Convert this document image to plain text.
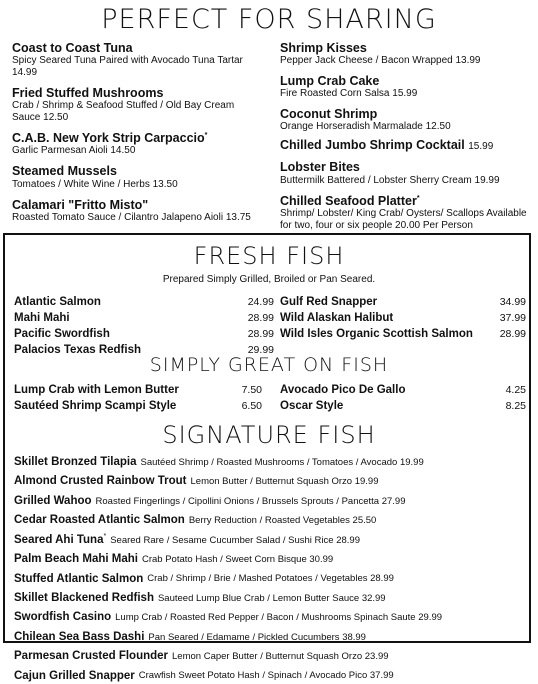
PERFECT FOR SHARING
Coast to Coast Tuna
Spicy Seared Tuna Paired with Avocado Tuna Tartar 14.99
Fried Stuffed Mushrooms
Crab / Shrimp & Seafood Stuffed / Old Bay Cream Sauce 12.50
C.A.B. New York Strip Carpaccio*
Garlic Parmesan Aioli 14.50
Steamed Mussels
Tomatoes / White Wine / Herbs 13.50
Calamari "Fritto Misto"
Roasted Tomato Sauce / Cilantro Jalapeno Aioli 13.75
Shrimp Kisses
Pepper Jack Cheese / Bacon Wrapped 13.99
Lump Crab Cake
Fire Roasted Corn Salsa 15.99
Coconut Shrimp
Orange Horseradish Marmalade 12.50
Chilled Jumbo Shrimp Cocktail 15.99
Lobster Bites
Buttermilk Battered / Lobster Sherry Cream 19.99
Chilled Seafood Platter*
Shrimp/ Lobster/ King Crab/ Oysters/ Scallops Available for two, four or six people 20.00 Per Person
FRESH FISH
Prepared Simply Grilled, Broiled or Pan Seared.
Atlantic Salmon	24.99
Mahi Mahi	28.99
Pacific Swordfish	28.99
Palacios Texas Redfish	29.99
Gulf Red Snapper	34.99
Wild Alaskan Halibut	37.99
Wild Isles Organic Scottish Salmon	28.99
SIMPLY GREAT ON FISH
Lump Crab with Lemon Butter	7.50
Sautéed Shrimp Scampi Style	6.50
Avocado Pico De Gallo	4.25
Oscar Style	8.25
SIGNATURE FISH
Skillet Bronzed Tilapia Sautéed Shrimp / Roasted Mushrooms / Tomatoes / Avocado 19.99
Almond Crusted Rainbow Trout Lemon Butter / Butternut Squash Orzo 19.99
Grilled Wahoo Roasted Fingerlings / Cipollini Onions / Brussels Sprouts / Pancetta 27.99
Cedar Roasted Atlantic Salmon Berry Reduction / Roasted Vegetables 25.50
Seared Ahi Tuna* Seared Rare / Sesame Cucumber Salad / Sushi Rice 28.99
Palm Beach Mahi Mahi Crab Potato Hash / Sweet Corn Bisque 30.99
Stuffed Atlantic Salmon Crab / Shrimp / Brie / Mashed Potatoes / Vegetables 28.99
Skillet Blackened Redfish Sauteed Lump Blue Crab / Lemon Butter Sauce 32.99
Swordfish Casino Lump Crab / Roasted Red Pepper / Bacon / Mushrooms Spinach Saute 29.99
Chilean Sea Bass Dashi Pan Seared / Edamame / Pickled Cucumbers 38.99
Parmesan Crusted Flounder Lemon Caper Butter / Butternut Squash Orzo 23.99
Cajun Grilled Snapper Crawfish Sweet Potato Hash / Spinach / Avocado Pico 37.99
